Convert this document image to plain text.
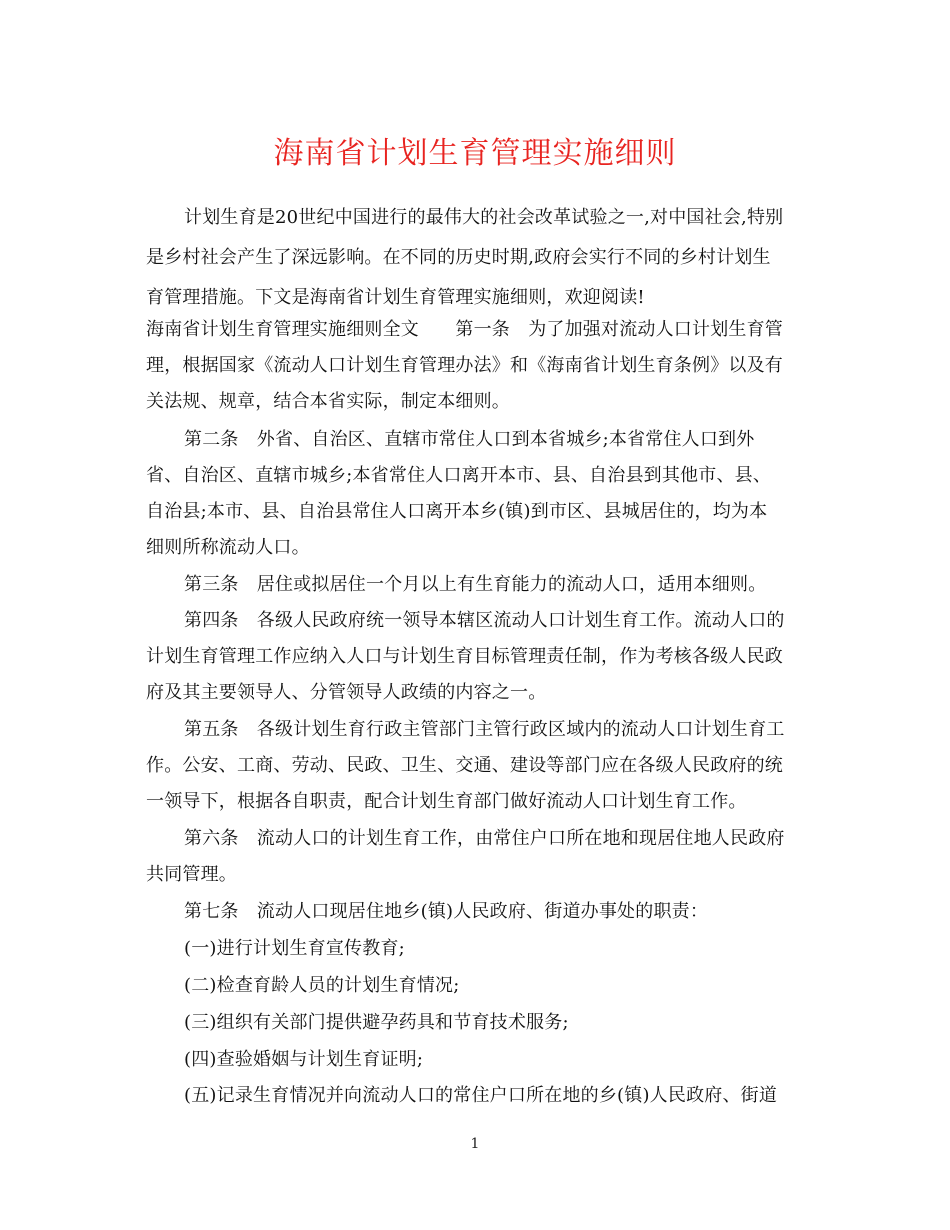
海南省计划生育管理实施细则
计划生育是20世纪中国进行的最伟大的社会改革试验之一,对中国社会,特别
是乡村社会产生了深远影响。在不同的历史时期,政府会实行不同的乡村计划生
育管理措施。下文是海南省计划生育管理实施细则，欢迎阅读!
海南省计划生育管理实施细则全文　　第一条　为了加强对流动人口计划生育管
理，根据国家《流动人口计划生育管理办法》和《海南省计划生育条例》以及有
关法规、规章，结合本省实际，制定本细则。
第二条　外省、自治区、直辖市常住人口到本省城乡;本省常住人口到外
省、自治区、直辖市城乡;本省常住人口离开本市、县、自治县到其他市、县、
自治县;本市、县、自治县常住人口离开本乡(镇)到市区、县城居住的，均为本
细则所称流动人口。
第三条　居住或拟居住一个月以上有生育能力的流动人口，适用本细则。
第四条　各级人民政府统一领导本辖区流动人口计划生育工作。流动人口的
计划生育管理工作应纳入人口与计划生育目标管理责任制，作为考核各级人民政
府及其主要领导人、分管领导人政绩的内容之一。
第五条　各级计划生育行政主管部门主管行政区域内的流动人口计划生育工
作。公安、工商、劳动、民政、卫生、交通、建设等部门应在各级人民政府的统
一领导下，根据各自职责，配合计划生育部门做好流动人口计划生育工作。
第六条　流动人口的计划生育工作，由常住户口所在地和现居住地人民政府
共同管理。
第七条　流动人口现居住地乡(镇)人民政府、街道办事处的职责：
(一)进行计划生育宣传教育;
(二)检查育龄人员的计划生育情况;
(三)组织有关部门提供避孕药具和节育技术服务;
(四)查验婚姻与计划生育证明;
(五)记录生育情况并向流动人口的常住户口所在地的乡(镇)人民政府、街道
1
